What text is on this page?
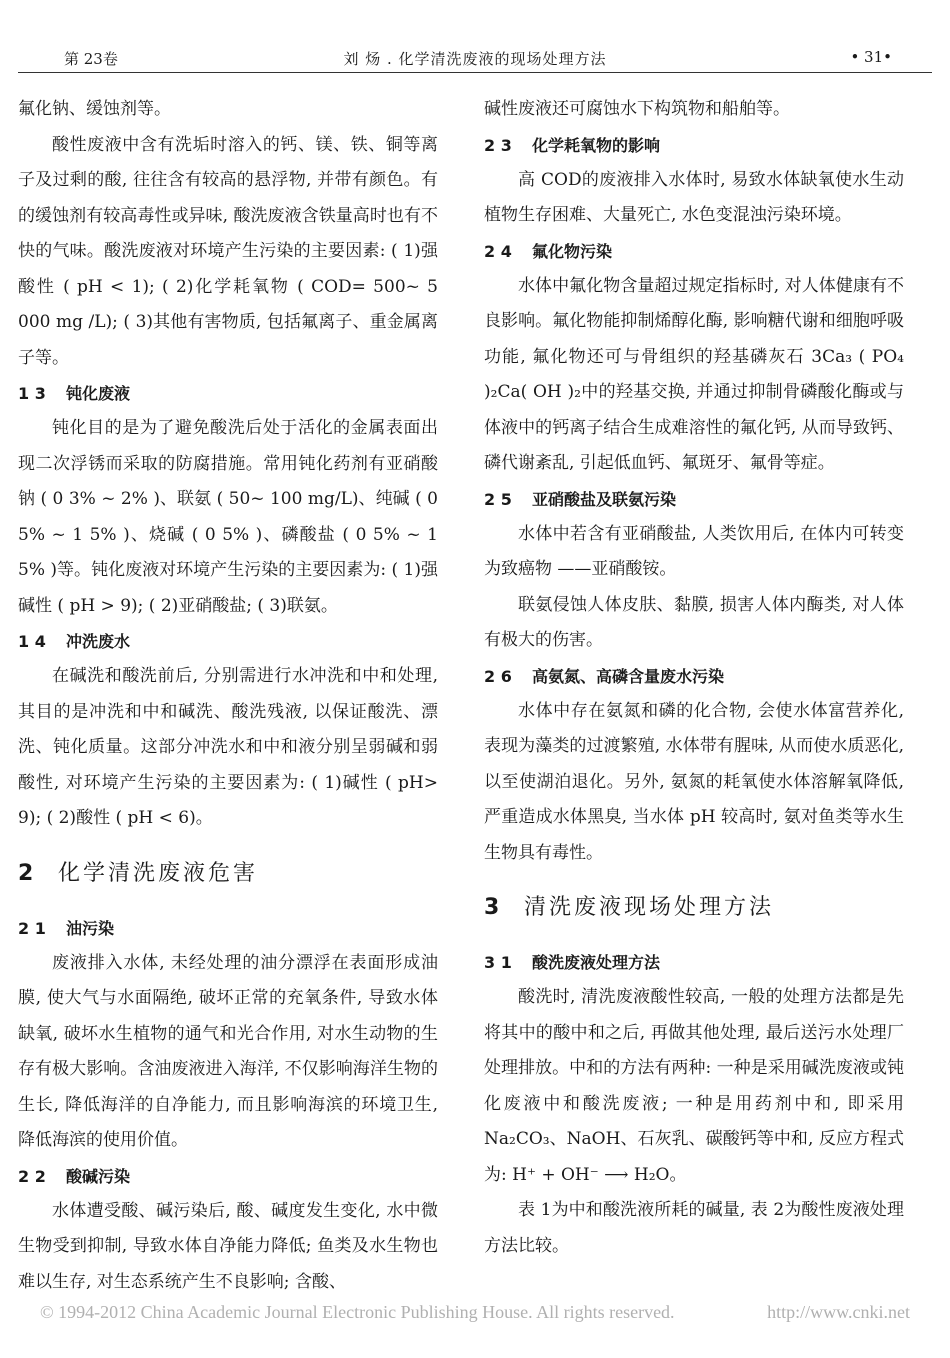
第 23卷	刘 炀 . 化学清洗废液的现场处理方法	• 31•

氟化钠、缓蚀剂等。

酸性废液中含有洗垢时溶入的钙、镁、铁、铜等离子及过剩的酸, 往往含有较高的悬浮物, 并带有颜色。有的缓蚀剂有较高毒性或异味, 酸洗废液含铁量高时也有不快的气味。酸洗废液对环境产生污染的主要因素: ( 1)强酸性 ( pH < 1); ( 2)化学耗氧物 ( COD= 500~ 5 000 mg /L); ( 3)其他有害物质, 包括氟离子、重金属离子等。

1 3 钝化废液

钝化目的是为了避免酸洗后处于活化的金属表面出现二次浮锈而采取的防腐措施。常用钝化药剂有亚硝酸钠 ( 0 3% ~ 2% )、联氨 ( 50~ 100 mg/L)、纯碱 ( 0 5% ~ 1 5% )、烧碱 ( 0 5% )、磷酸盐 ( 0 5% ~ 1 5% )等。钝化废液对环境产生污染的主要因素为: ( 1)强碱性 ( pH > 9); ( 2)亚硝酸盐; ( 3)联氨。

1 4 冲洗废水

在碱洗和酸洗前后, 分别需进行水冲洗和中和处理, 其目的是冲洗和中和碱洗、酸洗残液, 以保证酸洗、漂洗、钝化质量。这部分冲洗水和中和液分别呈弱碱和弱酸性, 对环境产生污染的主要因素为: ( 1)碱性 ( pH> 9); ( 2)酸性 ( pH < 6)。

2 化学清洗废液危害
2 1 油污染

废液排入水体, 未经处理的油分漂浮在表面形成油膜, 使大气与水面隔绝, 破坏正常的充氧条件, 导致水体缺氧, 破坏水生植物的通气和光合作用, 对水生动物的生存有极大影响。含油废液进入海洋, 不仅影响海洋生物的生长, 降低海洋的自净能力, 而且影响海滨的环境卫生, 降低海滨的使用价值。

2 2 酸碱污染

水体遭受酸、碱污染后, 酸、碱度发生变化, 水中微生物受到抑制, 导致水体自净能力降低; 鱼类及水生物也难以生存, 对生态系统产生不良影响; 含酸、

碱性废液还可腐蚀水下构筑物和船舶等。

2 3 化学耗氧物的影响

高 COD的废液排入水体时, 易致水体缺氧使水生动植物生存困难、大量死亡, 水色变混浊污染环境。

2 4 氟化物污染

水体中氟化物含量超过规定指标时, 对人体健康有不良影响。氟化物能抑制烯醇化酶, 影响糖代谢和细胞呼吸功能, 氟化物还可与骨组织的羟基磷灰石 3Ca₃ ( PO₄ )₂Ca( OH )₂中的羟基交换, 并通过抑制骨磷酸化酶或与体液中的钙离子结合生成难溶性的氟化钙, 从而导致钙、磷代谢紊乱, 引起低血钙、氟斑牙、氟骨等症。

2 5 亚硝酸盐及联氨污染

水体中若含有亚硝酸盐, 人类饮用后, 在体内可转变为致癌物 ——亚硝酸铵。

联氨侵蚀人体皮肤、黏膜, 损害人体内酶类, 对人体有极大的伤害。

2 6 高氨氮、高磷含量废水污染

水体中存在氨氮和磷的化合物, 会使水体富营养化, 表现为藻类的过渡繁殖, 水体带有腥味, 从而使水质恶化, 以至使湖泊退化。另外, 氨氮的耗氧使水体溶解氧降低, 严重造成水体黑臭, 当水体 pH 较高时, 氨对鱼类等水生生物具有毒性。

3 清洗废液现场处理方法
3 1 酸洗废液处理方法

酸洗时, 清洗废液酸性较高, 一般的处理方法都是先将其中的酸中和之后, 再做其他处理, 最后送污水处理厂处理排放。中和的方法有两种: 一种是采用碱洗废液或钝化废液中和酸洗废液; 一种是用药剂中和, 即采用 Na₂CO₃、NaOH、石灰乳、碳酸钙等中和, 反应方程式为: H⁺ + OH⁻ ⟶ H₂O。

表 1为中和酸洗液所耗的碱量, 表 2为酸性废液处理方法比较。

© 1994-2012 China Academic Journal Electronic Publishing House. All rights reserved.	http://www.cnki.net
